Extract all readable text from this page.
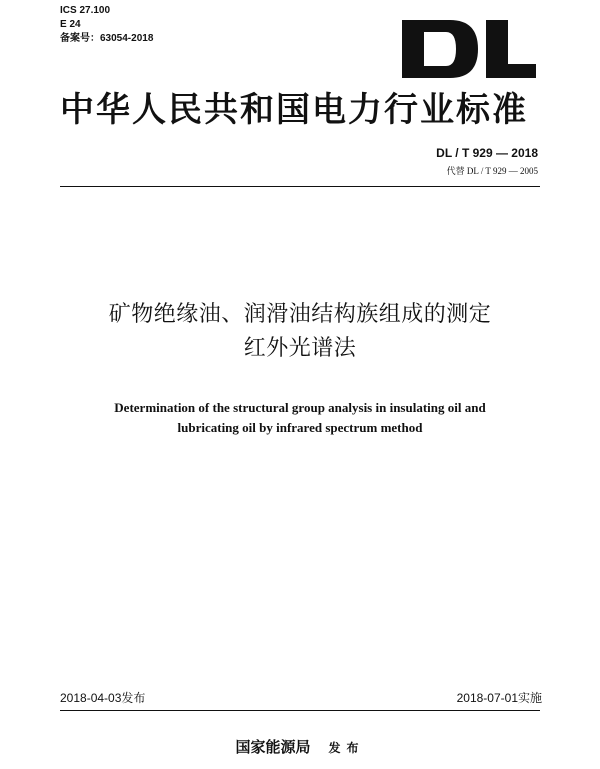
ICS 27.100
E 24
备案号：63054-2018
中华人民共和国电力行业标准
DL / T 929 — 2018
代替 DL / T 929 — 2005
矿物绝缘油、润滑油结构族组成的测定
红外光谱法
Determination of the structural group analysis in insulating oil and
lubricating oil by infrared spectrum method
2018-04-03发布	2018-07-01实施
国家能源局 发布
